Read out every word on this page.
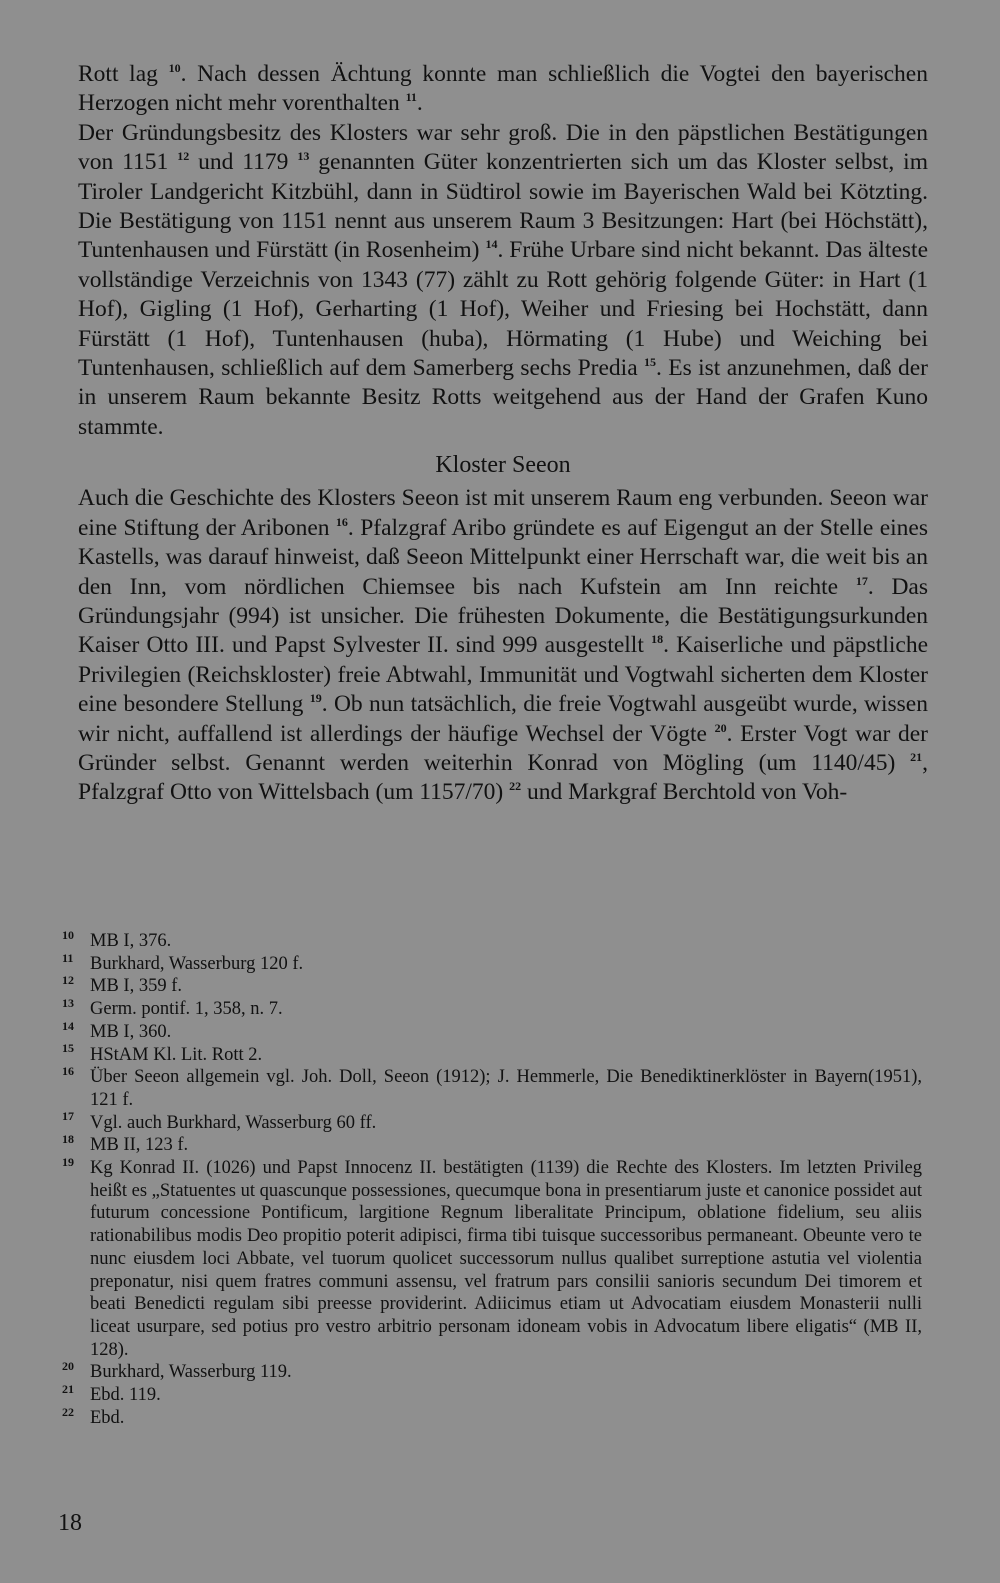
Rott lag $^{10}$. Nach dessen Ächtung konnte man schließlich die Vogtei den bayerischen Herzogen nicht mehr vorenthalten $^{11}$.

Der Gründungsbesitz des Klosters war sehr groß. Die in den päpstlichen Bestätigungen von 1151 $^{12}$ und 1179 $^{13}$ genannten Güter konzentrierten sich um das Kloster selbst, im Tiroler Landgericht Kitzbühl, dann in Südtirol sowie im Bayerischen Wald bei Kötzting. Die Bestätigung von 1151 nennt aus unserem Raum 3 Besitzungen: Hart (bei Höchstätt), Tuntenhausen und Fürstätt (in Rosenheim) $^{14}$. Frühe Urbare sind nicht bekannt. Das älteste vollständige Verzeichnis von 1343 (77) zählt zu Rott gehörig folgende Güter: in Hart (1 Hof), Gigling (1 Hof), Gerharting (1 Hof), Weiher und Friesing bei Hochstätt, dann Fürstätt (1 Hof), Tuntenhausen (huba), Hörmating (1 Hube) und Weiching bei Tuntenhausen, schließlich auf dem Samerberg sechs Predia $^{15}$. Es ist anzunehmen, daß der in unserem Raum bekannte Besitz Rotts weitgehend aus der Hand der Grafen Kuno stammte.

Kloster Seeon

Auch die Geschichte des Klosters Seeon ist mit unserem Raum eng verbunden. Seeon war eine Stiftung der Aribonen $^{16}$. Pfalzgraf Aribo gründete es auf Eigengut an der Stelle eines Kastells, was darauf hinweist, daß Seeon Mittelpunkt einer Herrschaft war, die weit bis an den Inn, vom nördlichen Chiemsee bis nach Kufstein am Inn reichte $^{17}$. Das Gründungsjahr (994) ist unsicher. Die frühesten Dokumente, die Bestätigungsurkunden Kaiser Otto III. und Papst Sylvester II. sind 999 ausgestellt $^{18}$. Kaiserliche und päpstliche Privilegien (Reichskloster) freie Abtwahl, Immunität und Vogtwahl sicherten dem Kloster eine besondere Stellung $^{19}$. Ob nun tatsächlich, die freie Vogtwahl ausgeübt wurde, wissen wir nicht, auffallend ist allerdings der häufige Wechsel der Vögte $^{20}$. Erster Vogt war der Gründer selbst. Genannt werden weiterhin Konrad von Mögling (um 1140/45) $^{21}$, Pfalzgraf Otto von Wittelsbach (um 1157/70) $^{22}$ und Markgraf Berchtold von Voh-

10 MB I, 376.

11 Burkhard, Wasserburg 120 f.

12 MB I, 359 f.

13 Germ. pontif. 1, 358, n. 7.

14 MB I, 360.

15 HStAM Kl. Lit. Rott 2.

16 Über Seeon allgemein vgl. Joh. Doll, Seeon (1912); J. Hemmerle, Die Benediktinerklöster in Bayern(1951), 121 f.

17 Vgl. auch Burkhard, Wasserburg 60 ff.

18 MB II, 123 f.

19 Kg Konrad II. (1026) und Papst Innocenz II. bestätigten (1139) die Rechte des Klosters. Im letzten Privileg heißt es „Statuentes ut quascunque possessiones, quecumque bona in presentiarum juste et canonice possidet aut futurum concessione Pontificum, largitione Regnum liberalitate Principum, oblatione fidelium, seu aliis rationabilibus modis Deo propitio poterit adipisci, firma tibi tuisque successoribus permaneant. Obeunte vero te nunc eiusdem loci Abbate, vel tuorum quolicet successorum nullus qualibet surreptione astutia vel violentia preponatur, nisi quem fratres communi assensu, vel fratrum pars consilii sanioris secundum Dei timorem et beati Benedicti regulam sibi preesse providerint. Adiicimus etiam ut Advocatiam eiusdem Monasterii nulli liceat usurpare, sed potius pro vestro arbitrio personam idoneam vobis in Advocatum libere eligatis“ (MB II, 128).

20 Burkhard, Wasserburg 119.

21 Ebd. 119.

22 Ebd.

18
